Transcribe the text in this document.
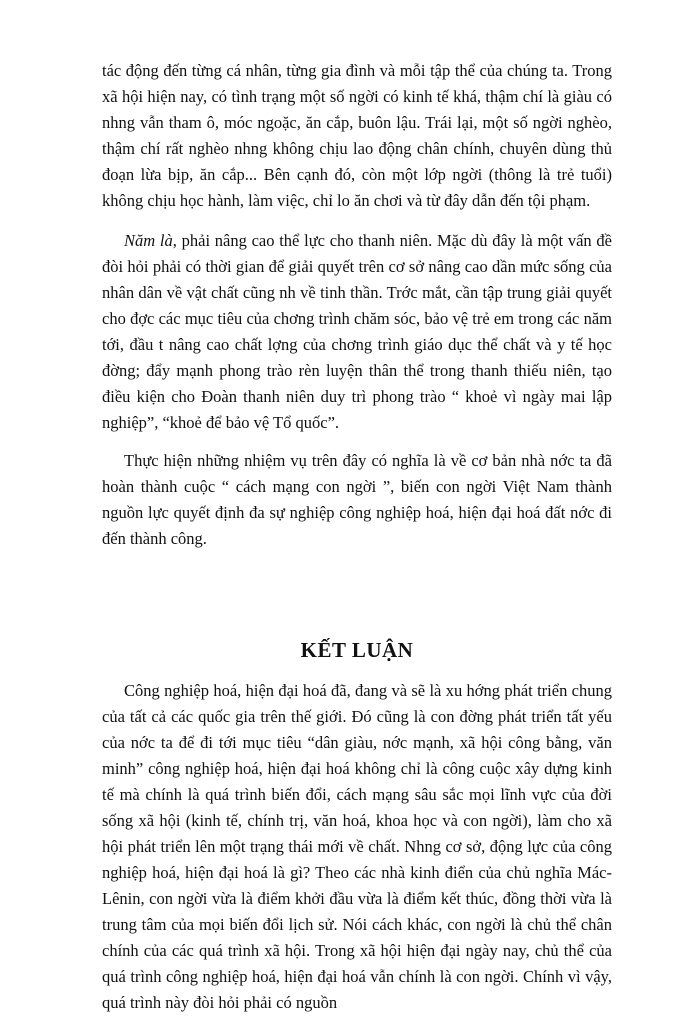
tác động đến từng cá nhân, từng gia đình và mỗi tập thể của chúng ta. Trong xã hội hiện nay, có tình trạng một số ngời có kinh tế khá, thậm chí là giàu có nhng vẫn tham ô, móc ngoặc, ăn cắp, buôn lậu. Trái lại, một số ngời nghèo, thậm chí rất nghèo nhng không chịu lao động chân chính, chuyên dùng thủ đoạn lừa bịp, ăn cắp... Bên cạnh đó, còn một lớp ngời (thông là trẻ tuổi) không chịu học hành, làm việc, chỉ lo ăn chơi và từ đây dẫn đến tội phạm.

Năm là, phải nâng cao thể lực cho thanh niên. Mặc dù đây là một vấn đề đòi hỏi phải có thời gian để giải quyết trên cơ sở nâng cao dần mức sống của nhân dân về vật chất cũng nh về tinh thần. Trớc mắt, cần tập trung giải quyết cho đợc các mục tiêu của chơng trình chăm sóc, bảo vệ trẻ em trong các năm tới, đầu t nâng cao chất lợng của chơng trình giáo dục thể chất và y tế học đờng; đẩy mạnh phong trào rèn luyện thân thể trong thanh thiếu niên, tạo điều kiện cho Đoàn thanh niên duy trì phong trào “ khoẻ vì ngày mai lập nghiệp”, “khoẻ để bảo vệ Tổ quốc”.

Thực hiện những nhiệm vụ trên đây có nghĩa là về cơ bản nhà nớc ta đã hoàn thành cuộc “ cách mạng con ngời ”, biến con ngời Việt Nam thành nguồn lực quyết định đa sự nghiệp công nghiệp hoá, hiện đại hoá đất nớc đi đến thành công.

KẾT LUẬN

Công nghiệp hoá, hiện đại hoá đã, đang và sẽ là xu hớng phát triển chung của tất cả các quốc gia trên thế giới. Đó cũng là con đờng phát triển tất yếu của nớc ta để đi tới mục tiêu “dân giàu, nớc mạnh, xã hội công bằng, văn minh” công nghiệp hoá, hiện đại hoá không chỉ là công cuộc xây dựng kinh tế mà chính là quá trình biến đổi, cách mạng sâu sắc mọi lĩnh vực của đời sống xã hội (kinh tế, chính trị, văn hoá, khoa học và con ngời), làm cho xã hội phát triển lên một trạng thái mới về chất. Nhng cơ sở, động lực của công nghiệp hoá, hiện đại hoá là gì? Theo các nhà kinh điển của chủ nghĩa Mác-Lênin, con ngời vừa là điểm khởi đầu vừa là điểm kết thúc, đồng thời vừa là trung tâm của mọi biến đổi lịch sử. Nói cách khác, con ngời là chủ thể chân chính của các quá trình xã hội. Trong xã hội hiện đại ngày nay, chủ thể của quá trình công nghiệp hoá, hiện đại hoá vẫn chính là con ngời. Chính vì vậy, quá trình này đòi hỏi phải có nguồn
